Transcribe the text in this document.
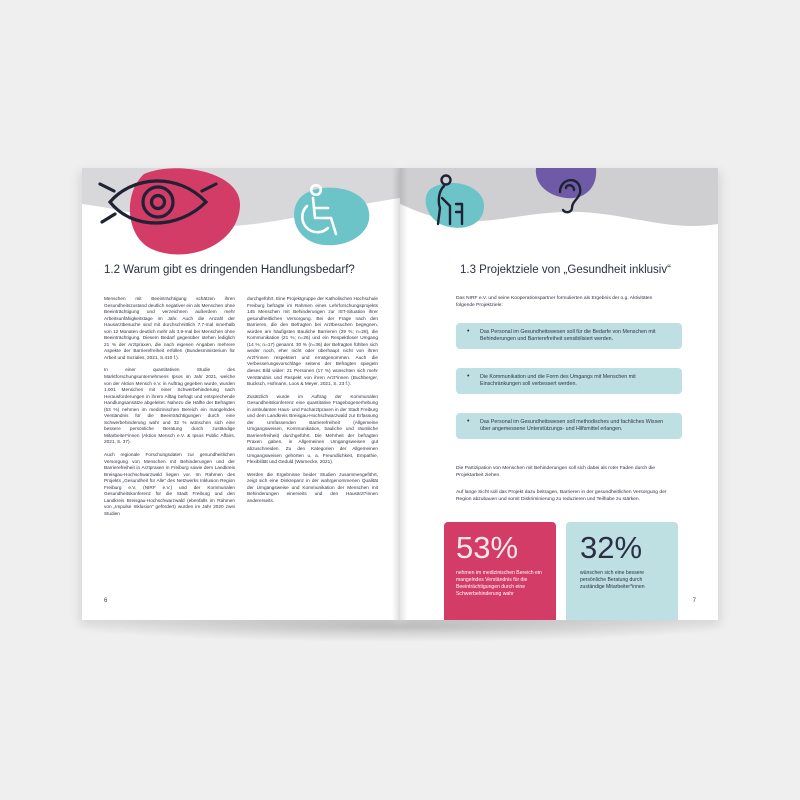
1.2 Warum gibt es dringenden Handlungsbedarf?

Menschen mit Beeinträchtigung schätzen ihren Gesundheitszustand deutlich negativer ein als Menschen ohne Beeinträchtigung und verzeichnen außerdem mehr Arbeitsunfähigkeitstage im Jahr. Auch die Anzahl der Hausarztbesuche sind mit durchschnittlich 7,7-mal innerhalb von 12 Monaten deutlich mehr als 3,9-mal bei Menschen ohne Beeinträchtigung. Diesem Bedarf gegenüber stehen lediglich 21 % der Arztpraxen, die nach eigenen Angaben mehrere Aspekte der Barrierefreiheit erfüllen (Bundesministerium für Arbeit und Soziales, 2021, S.410 f.).

In einer quantitativen Studie des Marktforschungsunternehmens Ipsos im Jahr 2021, welche von der Aktion Mensch e.V. in Auftrag gegeben wurde, wurden 1.001 Menschen mit einer Schwerbehinderung nach Herausforderungen in ihrem Alltag befragt und entsprechende Handlungsansätze abgeleitet. Nahezu die Hälfte der Befragten (53 %) nehmen im medizinischen Bereich ein mangelndes Verständnis für die Beeinträchtigungen durch eine Schwerbehinderung wahr und 32 % wünschen sich eine bessere persönliche Beratung durch zuständige Mitarbeiter*innen (Aktion Mensch e.V. & Ipsos Public Affairs, 2021, S. 37).

Auch regionale Forschungsdaten zur gesundheitlichen Versorgung von Menschen mit Behinderungen und der Barrierefreiheit in Arztpraxen in Freiburg sowie dem Landkreis Breisgau-Hochschwarzwald liegen vor. Im Rahmen des Projekts „Gesundheit für Alle“ des Netzwerks Inklusion Region Freiburg e.V. (NIRF e.V.) und der Kommunalen Gesundheitskonferenz für die Stadt Freiburg und den Landkreis Breisgau-Hochschwarzwald (ebenfalls im Rahmen von „Impulse Inklusion“ gefördert) wurden im Jahr 2020 zwei Studien

durchgeführt. Eine Projektgruppe der Katholischen Hochschule Freiburg befragte im Rahmen eines Lehrforschungsprojekts 145 Menschen mit Behinderungen zur IST-Situation ihrer gesundheitlichen Versorgung. Bei der Frage nach den Barrieren, die den Befragten bei Arztbesuchen begegnen, wurden am häufigsten Bauliche Barrieren (29 %; n=28), die Kommunikation (21 %; n=26) und ein Respektloser Umgang (14 %; n=17) genannt. 30 % (n=36) der Befragten fühlten sich weder noch, eher nicht oder überhaupt nicht von ihren Arzt*innen respektiert und ernstgenommen. Auch die Verbesserungsvorschläge seitens der Befragten spiegeln dieses Bild wider: 21 Personen (17 %) wünschten sich mehr Verständnis und Respekt von ihren Arzt*innen (Buchberger, Bucksch, Hofmann, Loos & Meyer, 2021, S. 23 f.).

Zusätzlich wurde im Auftrag der Kommunalen Gesundheitskonferenz eine quantitative Fragebogenerhebung in ambulanten Haus- und Facharztpraxen in der Stadt Freiburg und dem Landkreis Breisgau-Hochschwarzwald zur Erfassung der Umfassenden Barrierefreiheit (Allgemeine Umgangsweisen, Kommunikation, bauliche und räumliche Barrierefreiheit) durchgeführt. Die Mehrheit der befragten Praxen gaben, in Allgemeinen Umgangsweisen gut abzuschneiden. Zu den Kategorien der Allgemeinen Umgangsweisen gehörten u. a. Freundlichkeit, Empathie, Flexibilität und Geduld (Warnecke, 2021).

Werden die Ergebnisse beider Studien zusammengeführt, zeigt sich eine Diskrepanz in der wahrgenommenen Qualität der Umgangsweise und Kommunikation der Menschen mit Behinderungen einerseits und den Hausärzt*innen andererseits.

6
1.3 Projektziele von „Gesundheit inklusiv“
Das NIRF e.V. und seine Kooperationspartner formulierten als Ergebnis der o.g. Aktivitäten folgende Projektziele:
• Das Personal im Gesundheitswesen soll für die Bedarfe von Menschen mit Behinderungen und Barrierefreiheit sensibilisiert werden.
• Die Kommunikation und die Form des Umgangs mit Menschen mit Einschränkungen soll verbessert werden.
• Das Personal im Gesundheitswesen soll methodisches und fachliches Wissen über angemessene Unterstützungs- und Hilfsmittel erlangen.
Die Partizipation von Menschen mit Behinderungen soll sich dabei als roter Faden durch die Projektarbeit ziehen.
Auf lange Sicht soll das Projekt dazu beitragen, Barrieren in der gesundheitlichen Versorgung der Region abzubauen und somit Diskriminierung zu reduzieren und Teilhabe zu stärken.
53%
nehmen im medizinischen Bereich ein mangelndes Verständnis für die Beeinträchtigungen durch eine Schwerbehinderung wahr
32%
wünschen sich eine bessere persönliche Beratung durch zuständige Mitarbeiter*innen
7
